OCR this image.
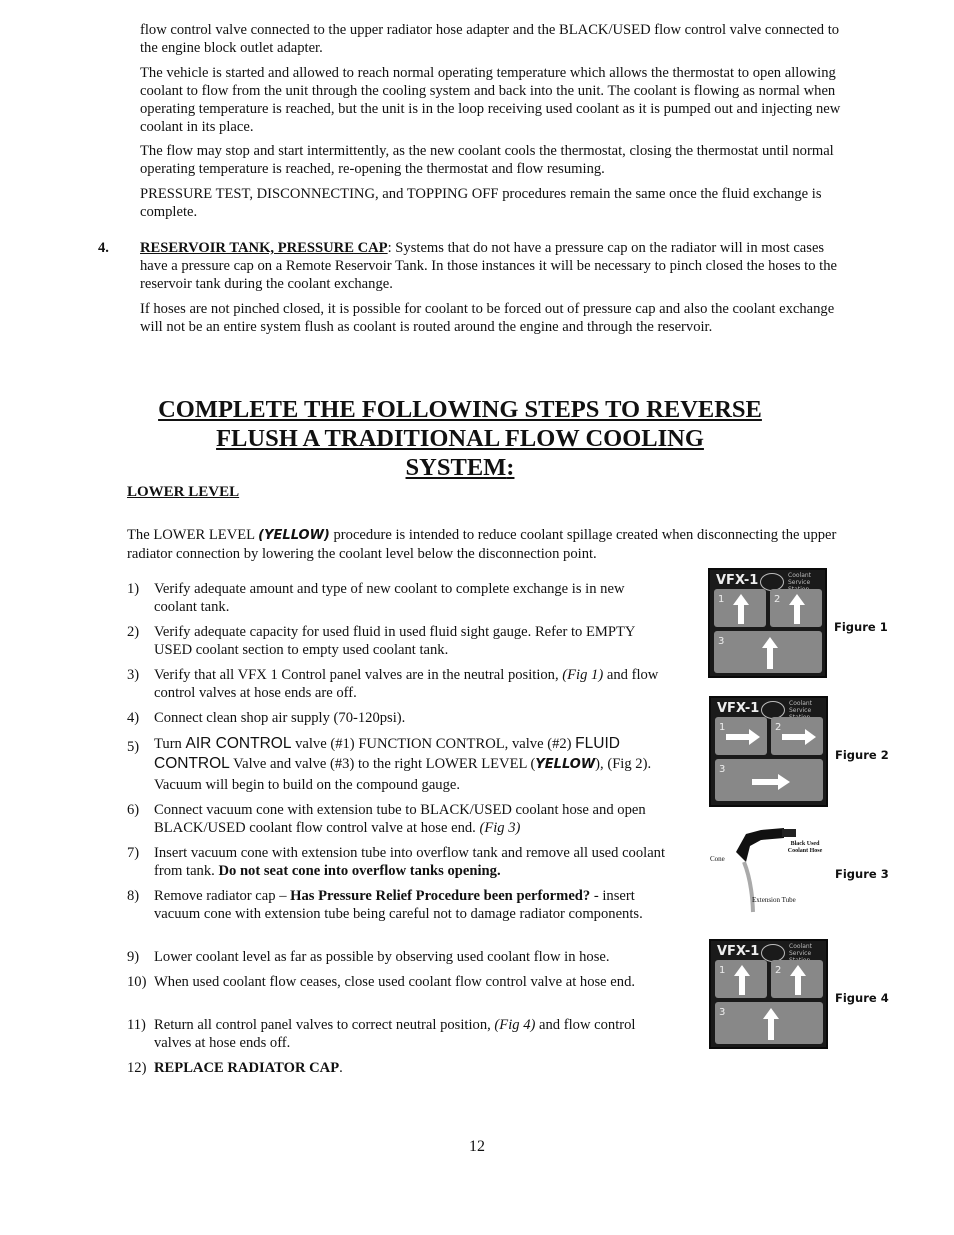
flow control valve connected to the upper radiator hose adapter and the BLACK/USED flow control valve connected to the engine block outlet adapter.

The vehicle is started and allowed to reach normal operating temperature which allows the thermostat to open allowing coolant to flow from the unit through the cooling system and back into the unit. The coolant is flowing as normal when operating temperature is reached, but the unit is in the loop receiving used coolant as it is pumped out and injecting new coolant in its place.

The flow may stop and start intermittently, as the new coolant cools the thermostat, closing the thermostat until normal operating temperature is reached, re-opening the thermostat and flow resuming.

PRESSURE TEST, DISCONNECTING, and TOPPING OFF procedures remain the same once the fluid exchange is complete.

4. RESERVOIR TANK, PRESSURE CAP: Systems that do not have a pressure cap on the radiator will in most cases have a pressure cap on a Remote Reservoir Tank. In those instances it will be necessary to pinch closed the hoses to the reservoir tank during the coolant exchange.

If hoses are not pinched closed, it is possible for coolant to be forced out of pressure cap and also the coolant exchange will not be an entire system flush as coolant is routed around the engine and through the reservoir.

COMPLETE THE FOLLOWING STEPS TO REVERSE
FLUSH A TRADITIONAL FLOW COOLING
SYSTEM:
LOWER LEVEL

The LOWER LEVEL (YELLOW) procedure is intended to reduce coolant spillage created when disconnecting the upper radiator connection by lowering the coolant level below the disconnection point.

1)	Verify adequate amount and type of new coolant to complete exchange is in new coolant tank.
2)	Verify adequate capacity for used fluid in used fluid sight gauge. Refer to EMPTY USED coolant section to empty used coolant tank.
3)	Verify that all VFX 1 Control panel valves are in the neutral position, (Fig 1) and flow control valves at hose ends are off.
4)	Connect clean shop air supply (70-120psi).
5)	Turn AIR CONTROL valve (#1) FUNCTION CONTROL, valve (#2) FLUID CONTROL Valve and valve (#3) to the right LOWER LEVEL (YELLOW), (Fig 2). Vacuum will begin to build on the compound gauge.
6)	Connect vacuum cone with extension tube to BLACK/USED coolant hose and open BLACK/USED coolant flow control valve at hose end. (Fig 3)
7)	Insert vacuum cone with extension tube into overflow tank and remove all used coolant from tank. Do not seat cone into overflow tanks opening.
8)	Remove radiator cap – Has Pressure Relief Procedure been performed? - insert vacuum cone with extension tube being careful not to damage radiator components.
9)	Lower coolant level as far as possible by observing used coolant flow in hose.
10) When used coolant flow ceases, close used coolant flow control valve at hose end.
11) Return all control panel valves to correct neutral position, (Fig 4) and flow control valves at hose ends off.
12) REPLACE RADIATOR CAP.
VFX-1	Coolant Service
1	2
3
Figure 1
VFX-1	Coolant Service
1	2
3
Figure 2
Black Used Coolant Hose
Cone
Extension Tube
Figure 3
VFX-1	Coolant Service
1	2
3
Figure 4
12
